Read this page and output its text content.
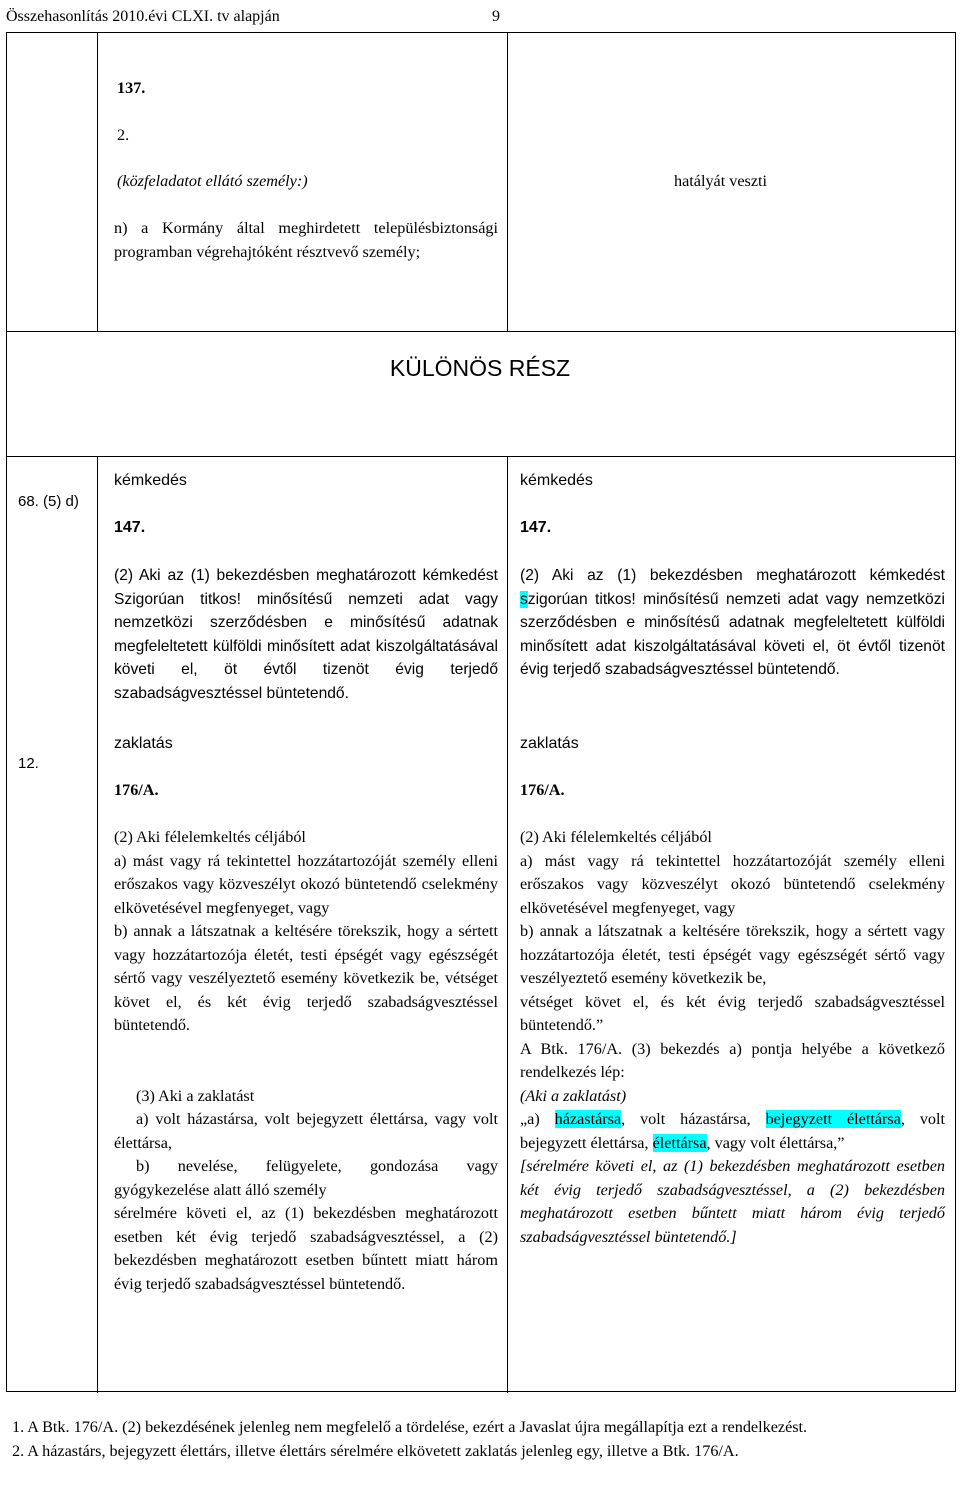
Összehasonlítás 2010.évi CLXI. tv alapján	9
137.
2.
(közfeladatot ellátó személy:)
n) a Kormány által meghirdetett településbiztonsági programban végrehajtóként résztvevő személy;
hatályát veszti
KÜLÖNÖS RÉSZ
68. (5) d)
12.
kémkedés
147.
(2) Aki az (1) bekezdésben meghatározott kémkedést Szigorúan titkos! minősítésű nemzeti adat vagy nemzetközi szerződésben e minősítésű adatnak megfeleltetett külföldi minősített adat kiszolgáltatásával követi el, öt évtől tizenöt évig terjedő szabadságvesztéssel büntetendő.
zaklatás
176/A.

(2) Aki félelemkeltés céljából

a) mást vagy rá tekintettel hozzátartozóját személy elleni erőszakos vagy közveszélyt okozó büntetendő cselekmény elkövetésével megfenyeget, vagy

b) annak a látszatnak a keltésére törekszik, hogy a sértett vagy hozzátartozója életét, testi épségét vagy egészségét sértő vagy veszélyeztető esemény következik be, vétséget követ el, és két évig terjedő szabadságvesztéssel büntetendő.

(3) Aki a zaklatást

a) volt házastársa, volt bejegyzett élettársa, vagy volt élettársa,

b) nevelése, felügyelete, gondozása vagy gyógykezelése alatt álló személy

sérelmére követi el, az (1) bekezdésben meghatározott esetben két évig terjedő szabadságvesztéssel, a (2) bekezdésben meghatározott esetben bűntett miatt három évig terjedő szabadságvesztéssel büntetendő.

kémkedés
147.
(2) Aki az (1) bekezdésben meghatározott kémkedést szigorúan titkos! minősítésű nemzeti adat vagy nemzetközi szerződésben e minősítésű adatnak megfeleltetett külföldi minősített adat kiszolgáltatásával követi el, öt évtől tizenöt évig terjedő szabadságvesztéssel büntetendő.
zaklatás
176/A.

(2) Aki félelemkeltés céljából

a) mást vagy rá tekintettel hozzátartozóját személy elleni erőszakos vagy közveszélyt okozó büntetendő cselekmény elkövetésével megfenyeget, vagy

b) annak a látszatnak a keltésére törekszik, hogy a sértett vagy hozzátartozója életét, testi épségét vagy egészségét sértő vagy veszélyeztető esemény következik be,

vétséget követ el, és két évig terjedő szabadságvesztéssel büntetendő.”

A Btk. 176/A. (3) bekezdés a) pontja helyébe a következő rendelkezés lép:

(Aki a zaklatást)

„a) házastársa, volt házastársa, bejegyzett élettársa, volt bejegyzett élettársa, élettársa, vagy volt élettársa,”

[sérelmére követi el, az (1) bekezdésben meghatározott esetben két évig terjedő szabadságvesztéssel, a (2) bekezdésben meghatározott esetben bűntett miatt három évig terjedő szabadságvesztéssel büntetendő.]

1. A Btk. 176/A. (2) bekezdésének jelenleg nem megfelelő a tördelése, ezért a Javaslat újra megállapítja ezt a rendelkezést.

2. A házastárs, bejegyzett élettárs, illetve élettárs sérelmére elkövetett zaklatás jelenleg egy, illetve a Btk. 176/A.
